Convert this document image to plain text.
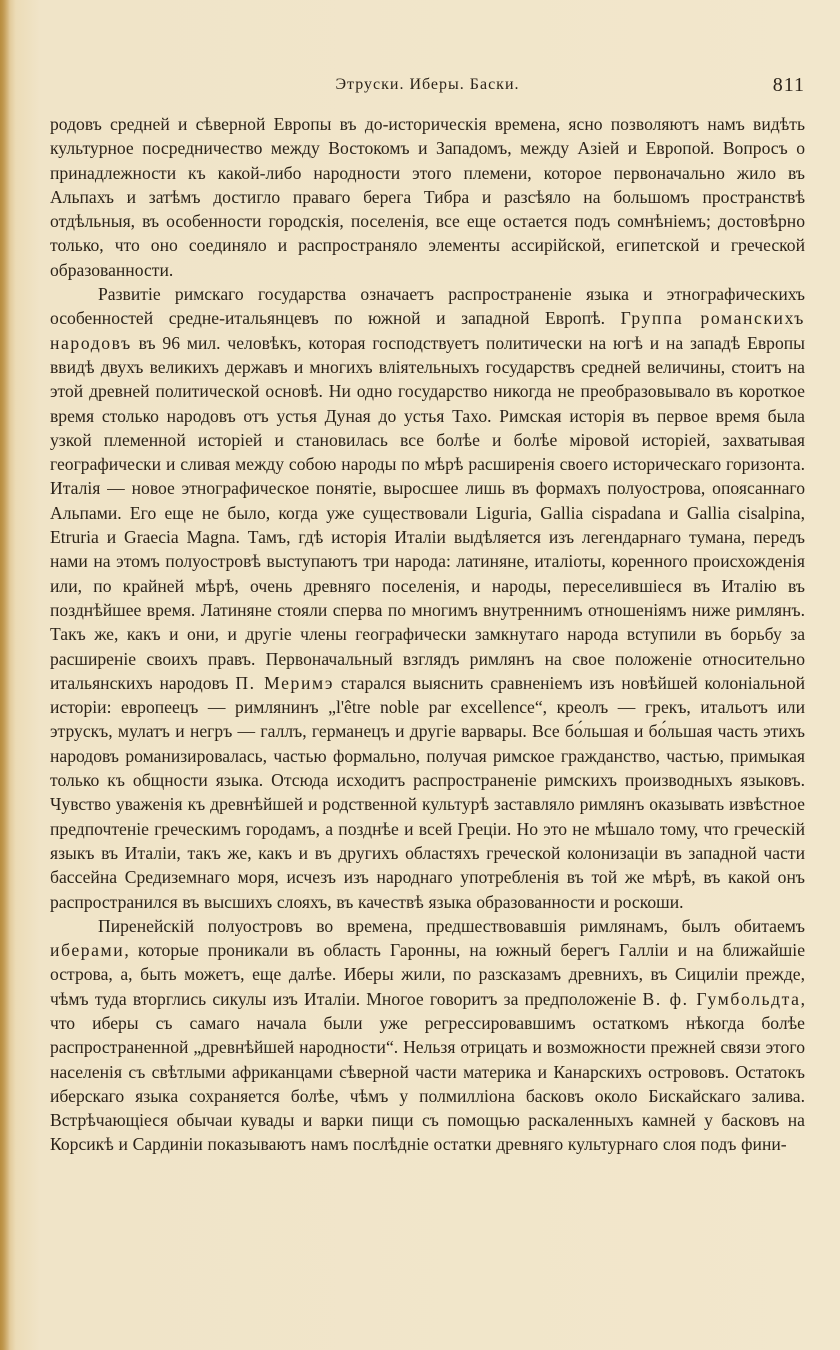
Этруски. Иберы. Баски.	811

родовъ средней и сѣверной Европы въ до-историческія времена, ясно позволяютъ намъ видѣть культурное посредничество между Востокомъ и Западомъ, между Азіей и Европой. Вопросъ о принадлежности къ какой-либо народности этого племени, которое первоначально жило въ Альпахъ и затѣмъ достигло праваго берега Тибра и разсѣяло на большомъ пространствѣ отдѣльныя, въ особенности городскія, поселенія, все еще остается подъ сомнѣніемъ; достовѣрно только, что оно соединяло и распространяло элементы ассирійской, египетской и греческой образованности.

Развитіе римскаго государства означаетъ распространеніе языка и этнографическихъ особенностей средне-итальянцевъ по южной и западной Европѣ. Группа романскихъ народовъ въ 96 мил. человѣкъ, которая господствуетъ политически на югѣ и на западѣ Европы ввидѣ двухъ великихъ державъ и многихъ вліятельныхъ государствъ средней величины, стоитъ на этой древней политической основѣ. Ни одно государство никогда не преобразовывало въ короткое время столько народовъ отъ устья Дуная до устья Тахо. Римская исторія въ первое время была узкой племенной исторіей и становилась все болѣе и болѣе міровой исторіей, захватывая географически и сливая между собою народы по мѣрѣ расширенія своего историческаго горизонта. Италія — новое этнографическое понятіе, выросшее лишь въ формахъ полуострова, опоясаннаго Альпами. Его еще не было, когда уже существовали Liguria, Gallia cispadana и Gallia cisalpina, Etruria и Graecia Magna. Тамъ, гдѣ исторія Италіи выдѣляется изъ легендарнаго тумана, передъ нами на этомъ полуостровѣ выступаютъ три народа: латиняне, италіоты, коренного происхожденія или, по крайней мѣрѣ, очень древняго поселенія, и народы, переселившіеся въ Италію въ позднѣйшее время. Латиняне стояли сперва по многимъ внутреннимъ отношеніямъ ниже римлянъ. Такъ же, какъ и они, и другіе члены географически замкнутаго народа вступили въ борьбу за расширеніе своихъ правъ. Первоначальный взглядъ римлянъ на свое положеніе относительно итальянскихъ народовъ П. Меримэ старался выяснить сравненіемъ изъ новѣйшей колоніальной исторіи: европеецъ — римлянинъ „l'être noble par excellence“, креолъ — грекъ, итальотъ или этрускъ, мулатъ и негръ — галлъ, германецъ и другіе варвары. Все бо́льшая и бо́льшая часть этихъ народовъ романизировалась, частью формально, получая римское гражданство, частью, примыкая только къ общности языка. Отсюда исходитъ распространеніе римскихъ производныхъ языковъ. Чувство уваженія къ древнѣйшей и родственной культурѣ заставляло римлянъ оказывать извѣстное предпочтеніе греческимъ городамъ, а позднѣе и всей Греціи. Но это не мѣшало тому, что греческій языкъ въ Италіи, такъ же, какъ и въ другихъ областяхъ греческой колонизаціи въ западной части бассейна Средиземнаго моря, исчезъ изъ народнаго употребленія въ той же мѣрѣ, въ какой онъ распространился въ высшихъ слояхъ, въ качествѣ языка образованности и роскоши.

Пиренейскій полуостровъ во времена, предшествовавшія римлянамъ, былъ обитаемъ иберами, которые проникали въ область Гаронны, на южный берегъ Галліи и на ближайшіе острова, а, быть можетъ, еще далѣе. Иберы жили, по разсказамъ древнихъ, въ Сициліи прежде, чѣмъ туда вторглись сикулы изъ Италіи. Многое говоритъ за предположеніе В. ф. Гумбольдта, что иберы съ самаго начала были уже регрессировавшимъ остаткомъ нѣкогда болѣе распространенной „древнѣйшей народности“. Нельзя отрицать и возможности прежней связи этого населенія съ свѣтлыми африканцами сѣверной части материка и Канарскихъ острововъ. Остатокъ иберскаго языка сохраняется болѣе, чѣмъ у полмилліона басковъ около Бискайскаго залива. Встрѣчающіеся обычаи кувады и варки пищи съ помощью раскаленныхъ камней у басковъ на Корсикѣ и Сардиніи показываютъ намъ послѣдніе остатки древняго культурнаго слоя подъ фини-
